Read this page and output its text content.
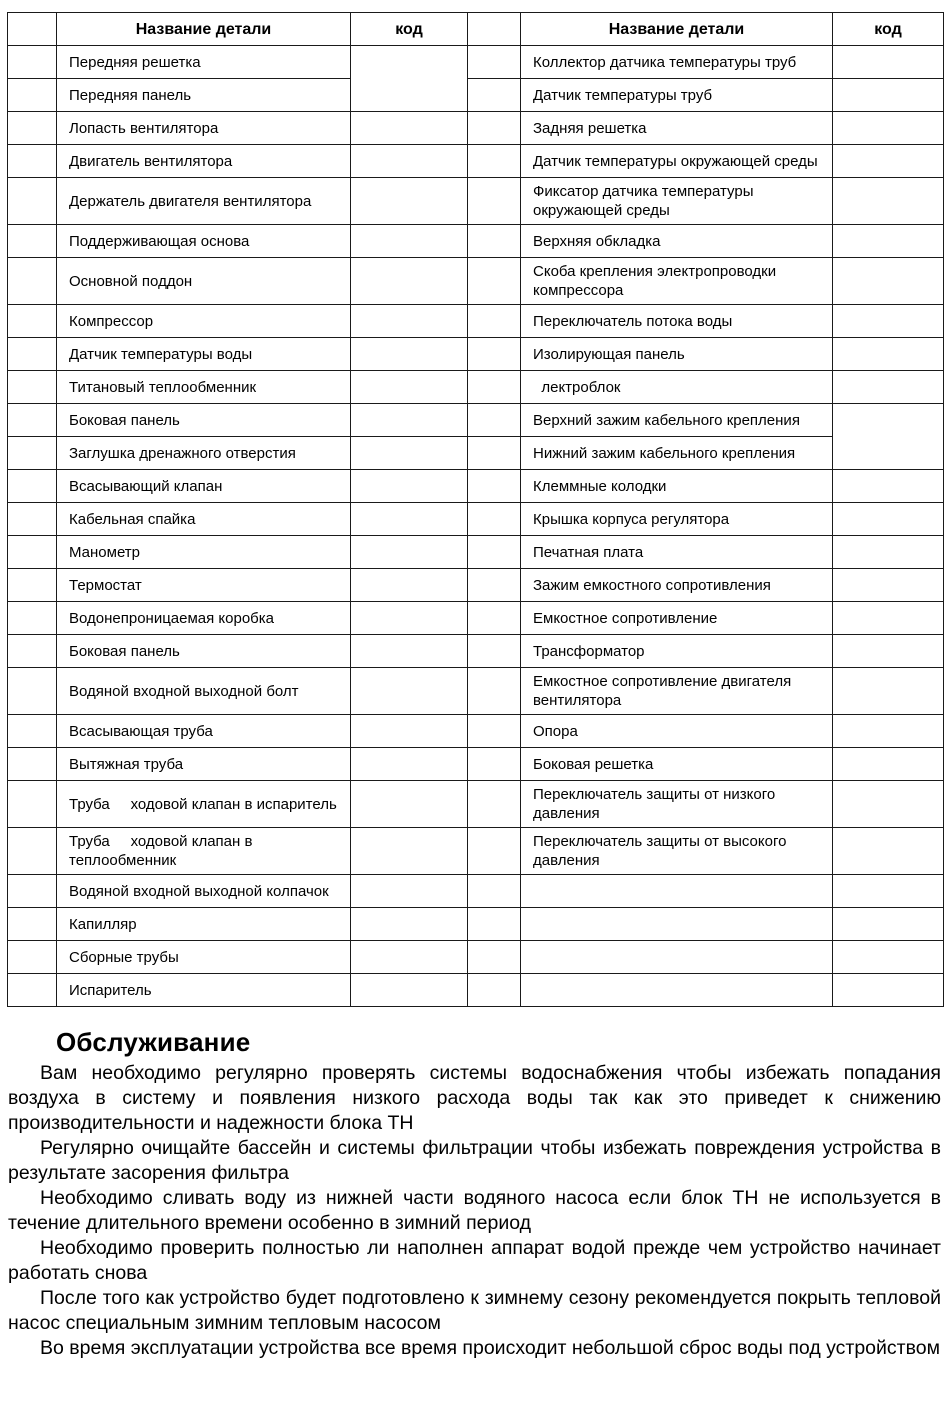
	Название детали	код		Название детали	код
	Передняя решетка			Коллектор датчика температуры труб	
	Передняя панель			Датчик температуры труб	
	Лопасть вентилятора			Задняя решетка	
	Двигатель вентилятора			Датчик температуры окружающей среды	
	Держатель двигателя вентилятора			Фиксатор датчика температуры окружающей среды	
	Поддерживающая основа			Верхняя обкладка	
	Основной поддон			Скоба крепления электропроводки компрессора	
	Компрессор			Переключатель потока воды	
	Датчик температуры воды			Изолирующая панель	
	Титановый теплообменник			лектроблок	
	Боковая панель			Верхний зажим кабельного крепления	
	Заглушка дренажного отверстия			Нижний зажим кабельного крепления	
	Всасывающий клапан			Клеммные колодки	
	Кабельная спайка			Крышка корпуса регулятора	
	Манометр			Печатная плата	
	Термостат			Зажим емкостного сопротивления	
	Водонепроницаемая коробка			Емкостное сопротивление	
	Боковая панель			Трансформатор	
	Водяной входной выходной болт			Емкостное сопротивление двигателя вентилятора	
	Всасывающая труба			Опора	
	Вытяжная труба			Боковая решетка	
	Труба     ходовой клапан в испаритель			Переключатель защиты от низкого давления	
	Труба     ходовой клапан в теплообменник			Переключатель защиты от высокого давления	
	Водяной входной выходной колпачок				
	Капилляр				
	Сборные трубы				
	Испаритель				
Обслуживание

Вам необходимо регулярно проверять системы водоснабжения чтобы избежать попадания воздуха в систему и появления низкого расхода воды так как это приведет к снижению производительности и надежности блока ТН

Регулярно очищайте бассейн и системы фильтрации чтобы избежать повреждения устройства в результате засорения фильтра

Необходимо сливать воду из нижней части водяного насоса если блок ТН не используется в течение длительного времени особенно в зимний период

Необходимо проверить полностью ли наполнен аппарат водой прежде чем устройство начинает работать снова

После того как устройство будет подготовлено к зимнему сезону рекомендуется покрыть тепловой насос специальным зимним тепловым насосом

Во время эксплуатации устройства все время происходит небольшой сброс воды под устройством
